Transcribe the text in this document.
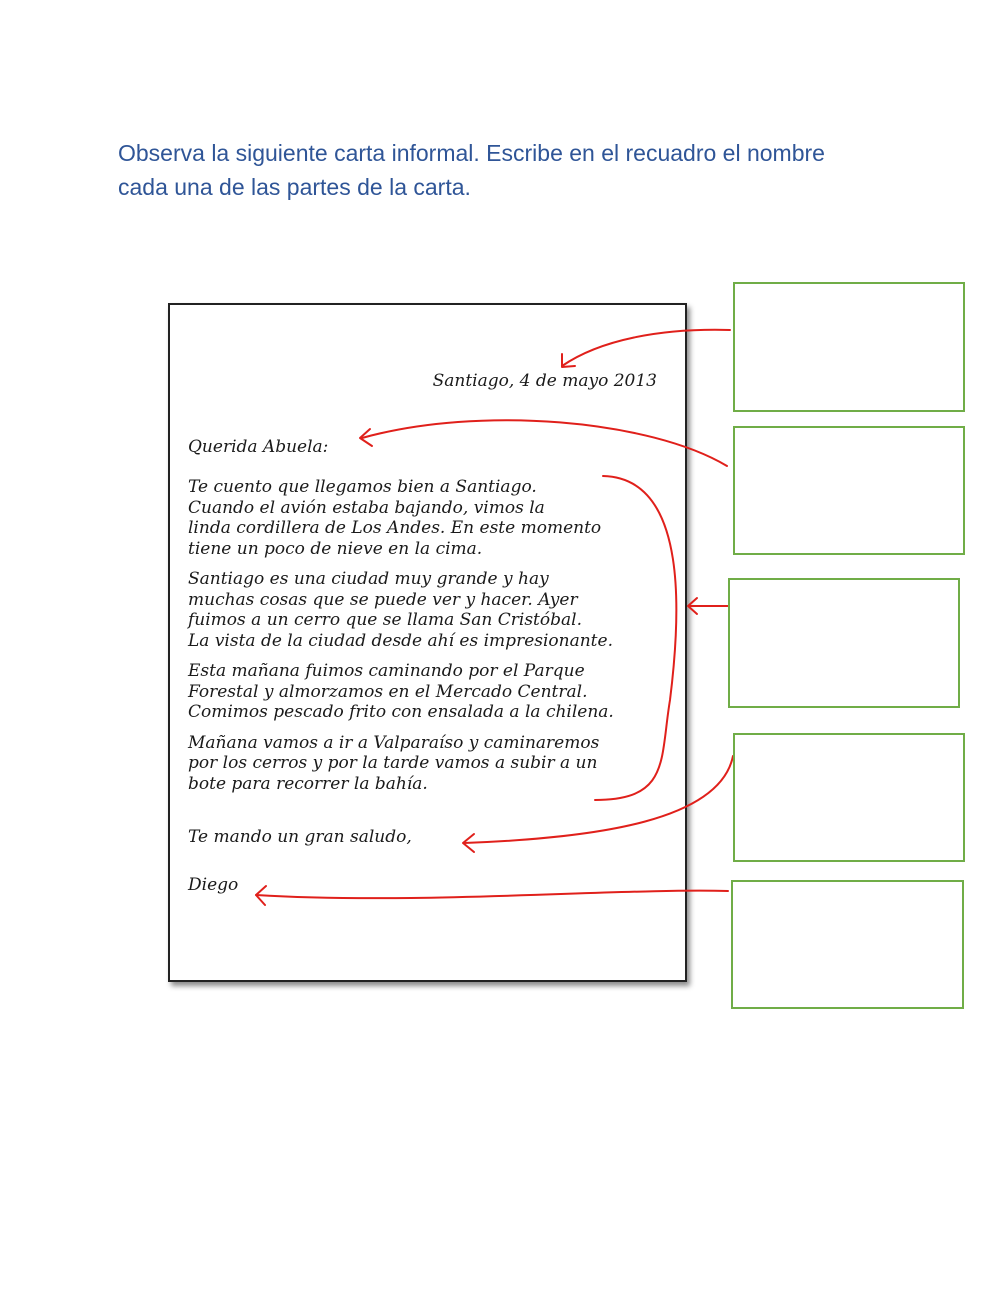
Observa la siguiente carta informal. Escribe en el recuadro el nombre
cada una de las partes de la carta.

Santiago, 4 de mayo 2013
Querida Abuela:

Te cuento que llegamos bien a Santiago.
Cuando el avión estaba bajando, vimos la
linda cordillera de Los Andes. En este momento
tiene un poco de nieve en la cima.

Santiago es una ciudad muy grande y hay
muchas cosas que se puede ver y hacer. Ayer
fuimos a un cerro que se llama San Cristóbal.
La vista de la ciudad desde ahí es impresionante.

Esta mañana fuimos caminando por el Parque
Forestal y almorzamos en el Mercado Central.
Comimos pescado frito con ensalada a la chilena.

Mañana vamos a ir a Valparaíso y caminaremos
por los cerros y por la tarde vamos a subir a un
bote para recorrer la bahía.

Te mando un gran saludo,
Diego
